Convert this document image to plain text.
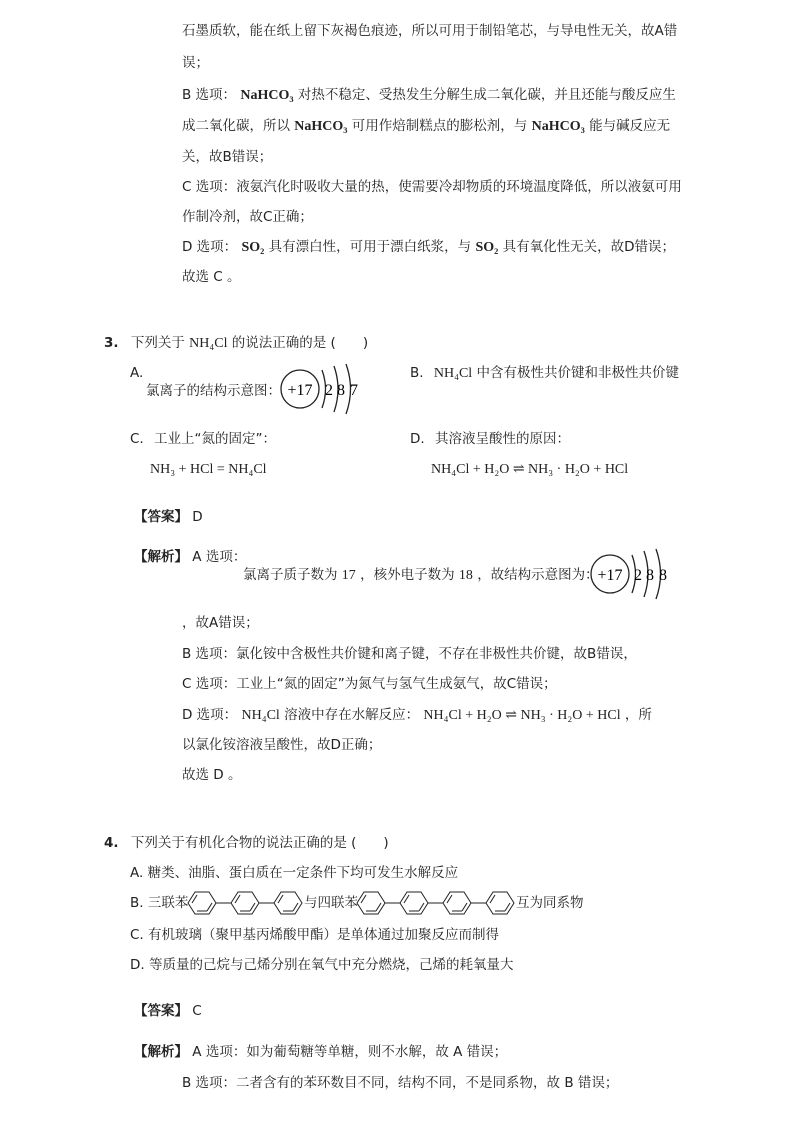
石墨质软，能在纸上留下灰褐色痕迹，所以可用于制铅笔芯，与导电性无关，故A错
误；
B 选项： NaHCO₃ 对热不稳定、受热发生分解生成二氧化碳，并且还能与酸反应生
成二氧化碳，所以 NaHCO₃ 可用作焙制糕点的膨松剂，与 NaHCO₃ 能与碱反应无
关，故B错误；
C 选项：液氨汽化时吸收大量的热，使需要冷却物质的环境温度降低，所以液氨可用
作制冷剂，故C正确；
D 选项： SO₂ 具有漂白性，可用于漂白纸浆，与 SO₂ 具有氧化性无关，故D错误；
故选 C 。
3. 下列关于 NH₄Cl 的说法正确的是 (　　)
A.
氯离子的结构示意图： +17 2 8 7
B. NH₄Cl 中含有极性共价键和非极性共价键
C. 工业上“氮的固定”：
NH₃ + HCl = NH₄Cl
D. 其溶液呈酸性的原因：
NH₄Cl + H₂O ⇌ NH₃ · H₂O + HCl
【答案】 D
【解析】 A 选项：
氯离子质子数为 17 ，核外电子数为 18 ，故结构示意图为：
+17 2 8 8
，故A错误；
B 选项：氯化铵中含极性共价键和离子键，不存在非极性共价键，故B错误，
C 选项：工业上“氮的固定”为氮气与氢气生成氨气，故C错误；
D 选项： NH₄Cl 溶液中存在水解反应： NH₄Cl + H₂O ⇌ NH₃ · H₂O + HCl ，所
以氯化铵溶液呈酸性，故D正确；
故选 D 。
4. 下列关于有机化合物的说法正确的是 (　　)
A. 糖类、油脂、蛋白质在一定条件下均可发生水解反应
B. 三联苯	与四联苯	互为同系物
C. 有机玻璃（聚甲基丙烯酸甲酯）是单体通过加聚反应而制得
D. 等质量的己烷与己烯分别在氧气中充分燃烧，己烯的耗氧量大
【答案】 C
【解析】 A 选项：如为葡萄糖等单糖，则不水解，故 A 错误；
B 选项：二者含有的苯环数目不同，结构不同，不是同系物，故 B 错误；
